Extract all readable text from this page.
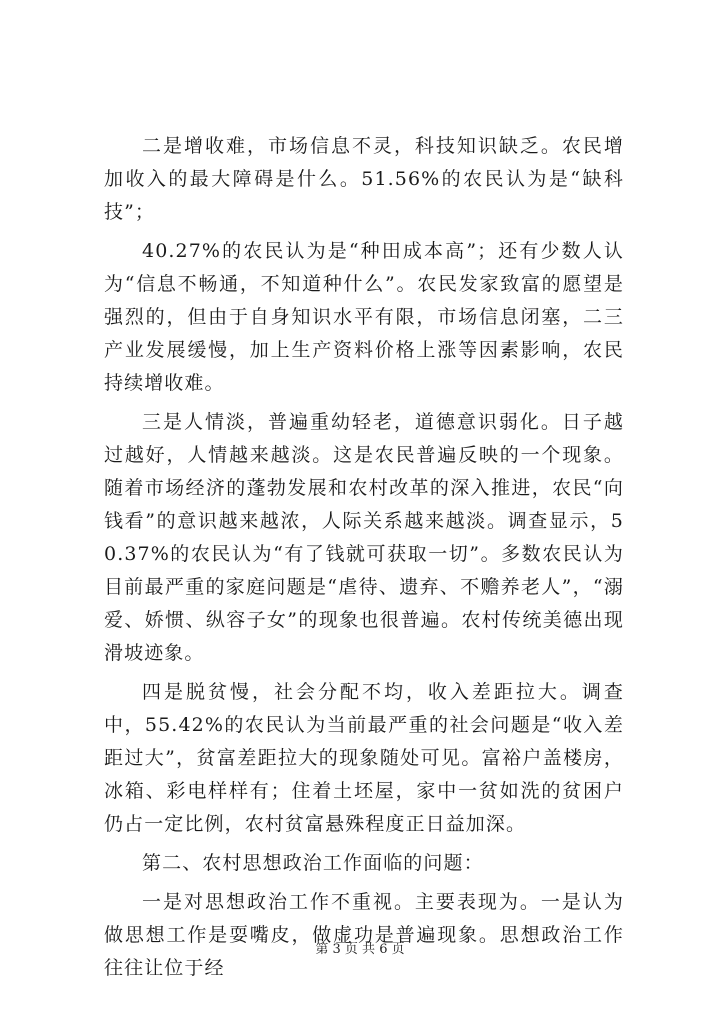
二是增收难，市场信息不灵，科技知识缺乏。农民增加收入的最大障碍是什么。51.56%的农民认为是“缺科技”；

40.27%的农民认为是“种田成本高”；还有少数人认为“信息不畅通，不知道种什么”。农民发家致富的愿望是强烈的，但由于自身知识水平有限，市场信息闭塞，二三产业发展缓慢，加上生产资料价格上涨等因素影响，农民持续增收难。

三是人情淡，普遍重幼轻老，道德意识弱化。日子越过越好，人情越来越淡。这是农民普遍反映的一个现象。随着市场经济的蓬勃发展和农村改革的深入推进，农民“向钱看”的意识越来越浓，人际关系越来越淡。调查显示，50.37%的农民认为“有了钱就可获取一切”。多数农民认为目前最严重的家庭问题是“虐待、遗弃、不赡养老人”，“溺爱、娇惯、纵容子女”的现象也很普遍。农村传统美德出现滑坡迹象。

四是脱贫慢，社会分配不均，收入差距拉大。调查中，55.42%的农民认为当前最严重的社会问题是“收入差距过大”，贫富差距拉大的现象随处可见。富裕户盖楼房，冰箱、彩电样样有；住着土坯屋，家中一贫如洗的贫困户仍占一定比例，农村贫富悬殊程度正日益加深。

第二、农村思想政治工作面临的问题：

一是对思想政治工作不重视。主要表现为。一是认为做思想工作是耍嘴皮，做虚功是普遍现象。思想政治工作往往让位于经

第 3 页 共 6 页
